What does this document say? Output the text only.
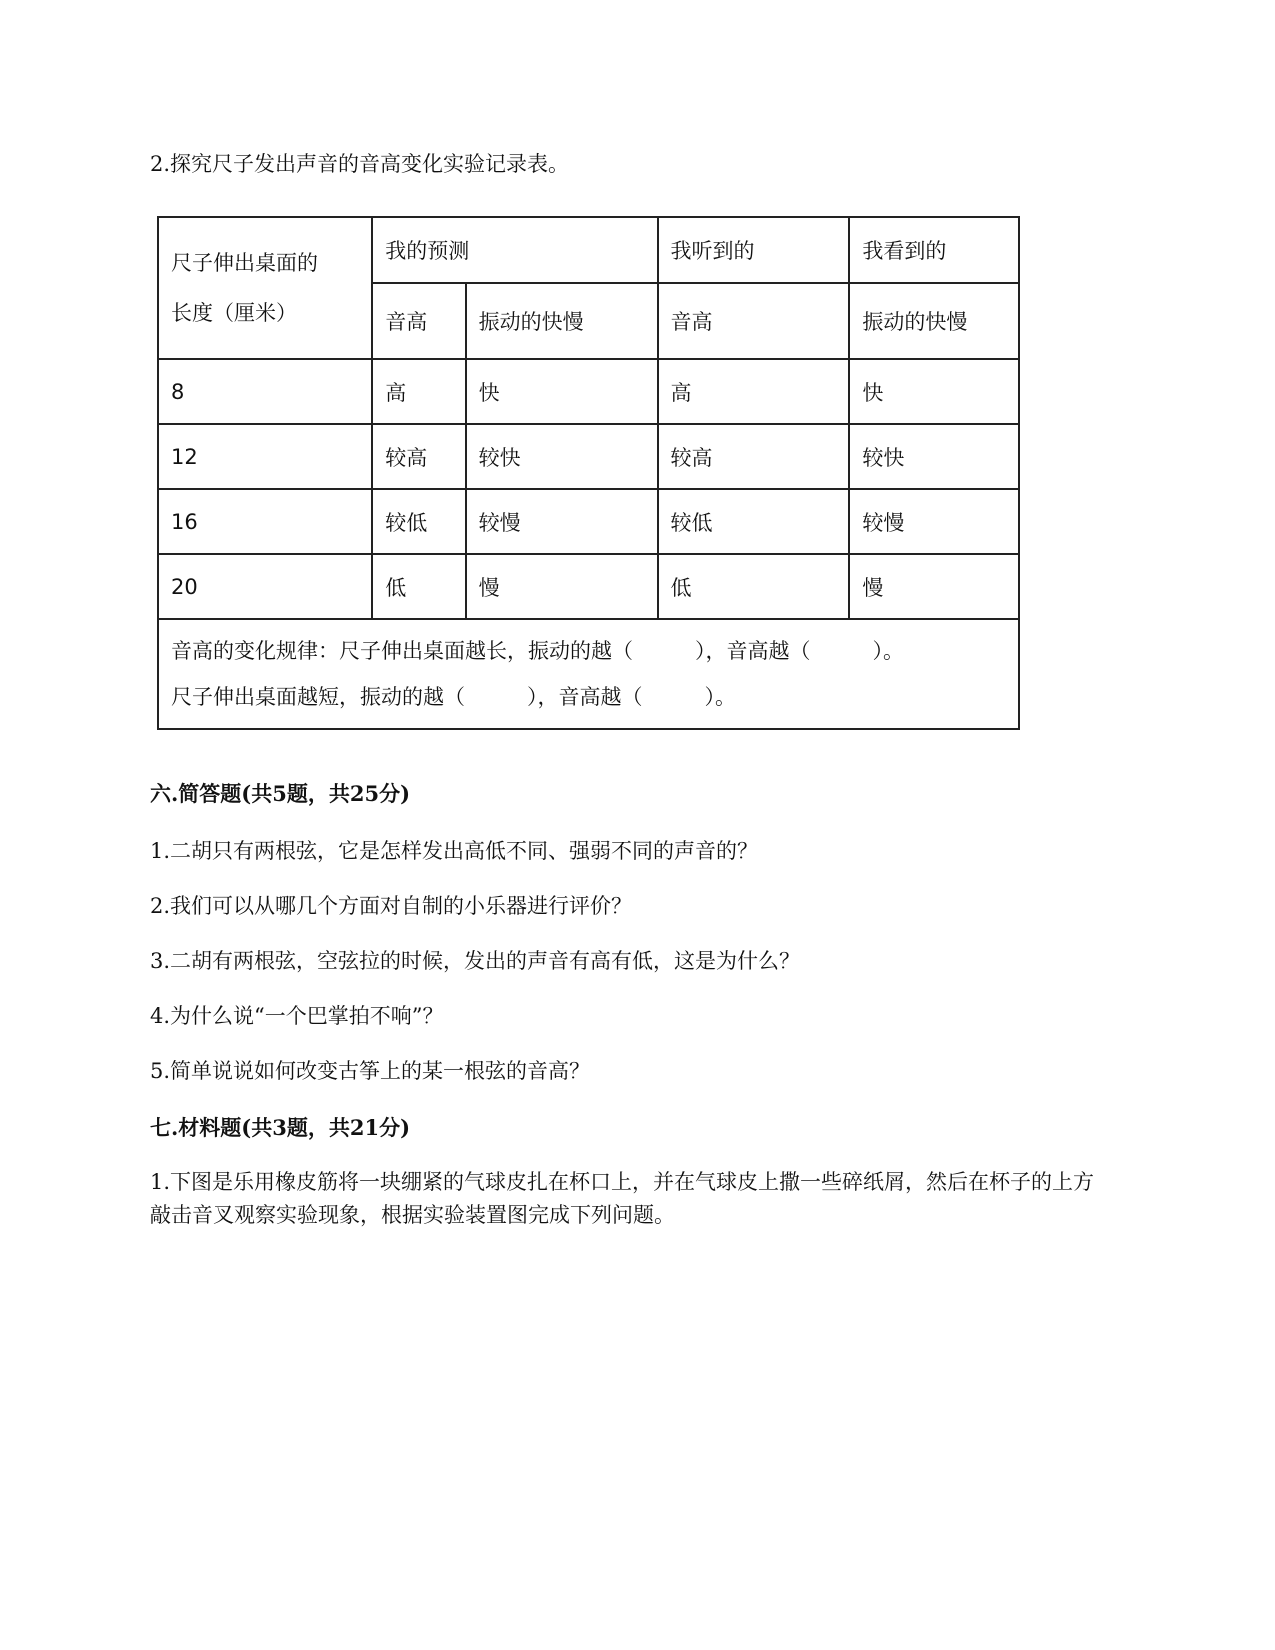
2.探究尺子发出声音的音高变化实验记录表。
尺子伸出桌面的
长度（厘米）	我的预测		我听到的	我看到的
	音高	振动的快慢	音高	振动的快慢
8	高	快	高	快
12	较高	较快	较高	较快
16	较低	较慢	较低	较慢
20	低	慢	低	慢
音高的变化规律：尺子伸出桌面越长，振动的越（ ），音高越（ ）。
尺子伸出桌面越短，振动的越（ ），音高越（ ）。				
六.简答题(共5题，共25分)
1.二胡只有两根弦，它是怎样发出高低不同、强弱不同的声音的？
2.我们可以从哪几个方面对自制的小乐器进行评价？
3.二胡有两根弦，空弦拉的时候，发出的声音有高有低，这是为什么？
4.为什么说“一个巴掌拍不响”？
5.简单说说如何改变古筝上的某一根弦的音高？
七.材料题(共3题，共21分)
1.下图是乐用橡皮筋将一块绷紧的气球皮扎在杯口上，并在气球皮上撒一些碎纸屑，然后在杯子的上方敲击音叉观察实验现象，根据实验装置图完成下列问题。
